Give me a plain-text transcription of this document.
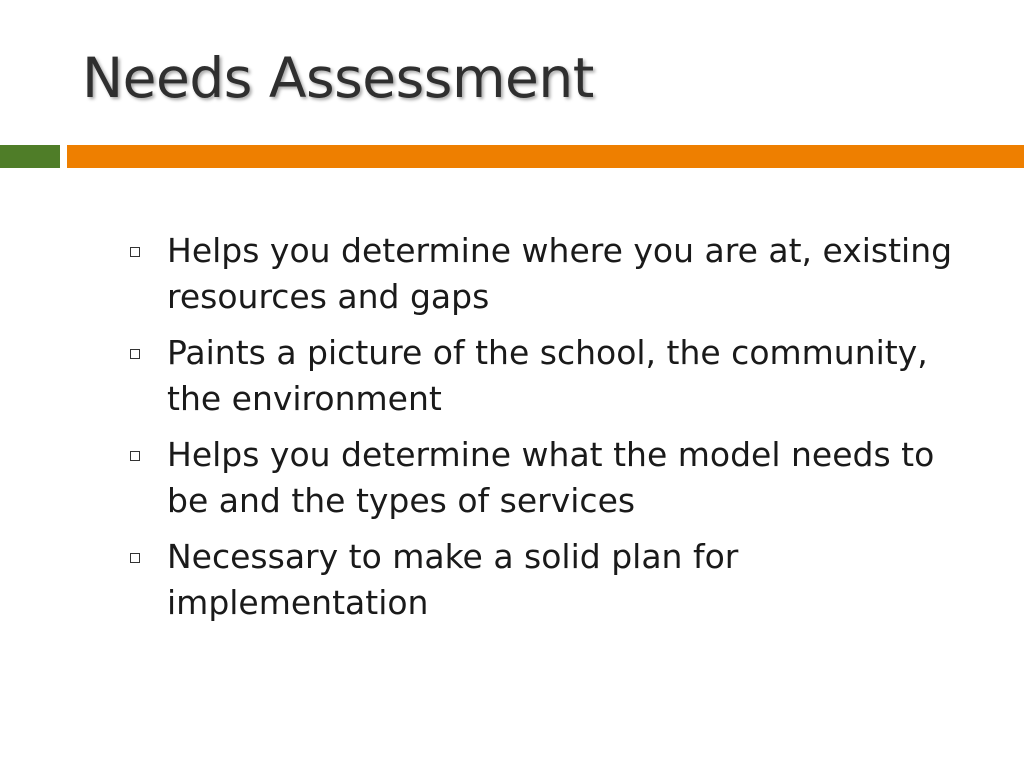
Needs Assessment
Helps you determine where you are at, existing resources and gaps
Paints a picture of the school, the community, the environment
Helps you determine what the model needs to be and the types of services
Necessary to make a solid plan for implementation
